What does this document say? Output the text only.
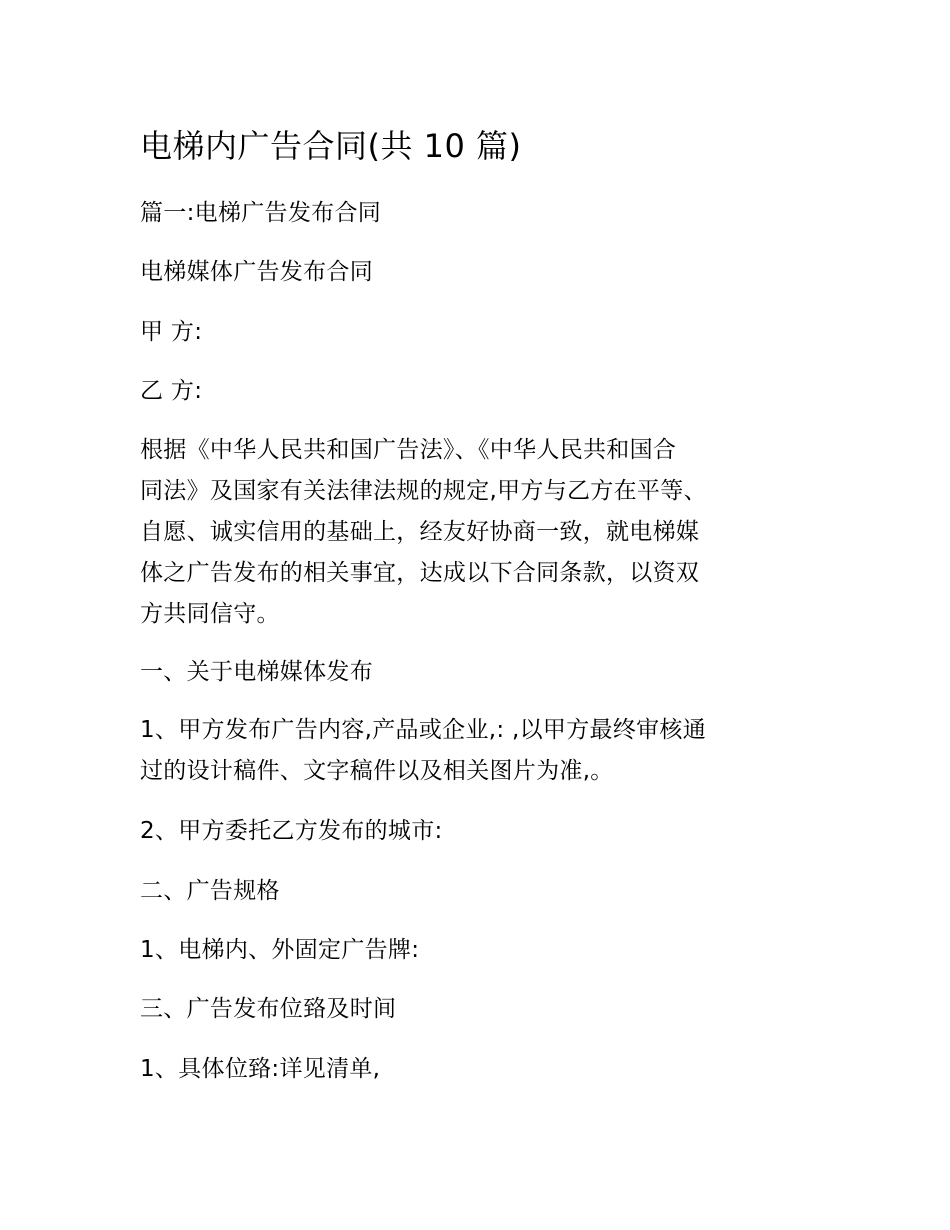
电梯内广告合同(共 10 篇)
篇一:电梯广告发布合同
电梯媒体广告发布合同
甲 方:
乙 方:
根据《中华人民共和国广告法》、《中华人民共和国合
同法》及国家有关法律法规的规定,甲方与乙方在平等、
自愿、诚实信用的基础上，经友好协商一致，就电梯媒
体之广告发布的相关事宜，达成以下合同条款，以资双
方共同信守。
一、关于电梯媒体发布
1、甲方发布广告内容,产品或企业,: ,以甲方最终审核通
过的设计稿件、文字稿件以及相关图片为准,。
2、甲方委托乙方发布的城市:
二、广告规格
1、电梯内、外固定广告牌:
三、广告发布位臵及时间
1、具体位臵:详见清单,
